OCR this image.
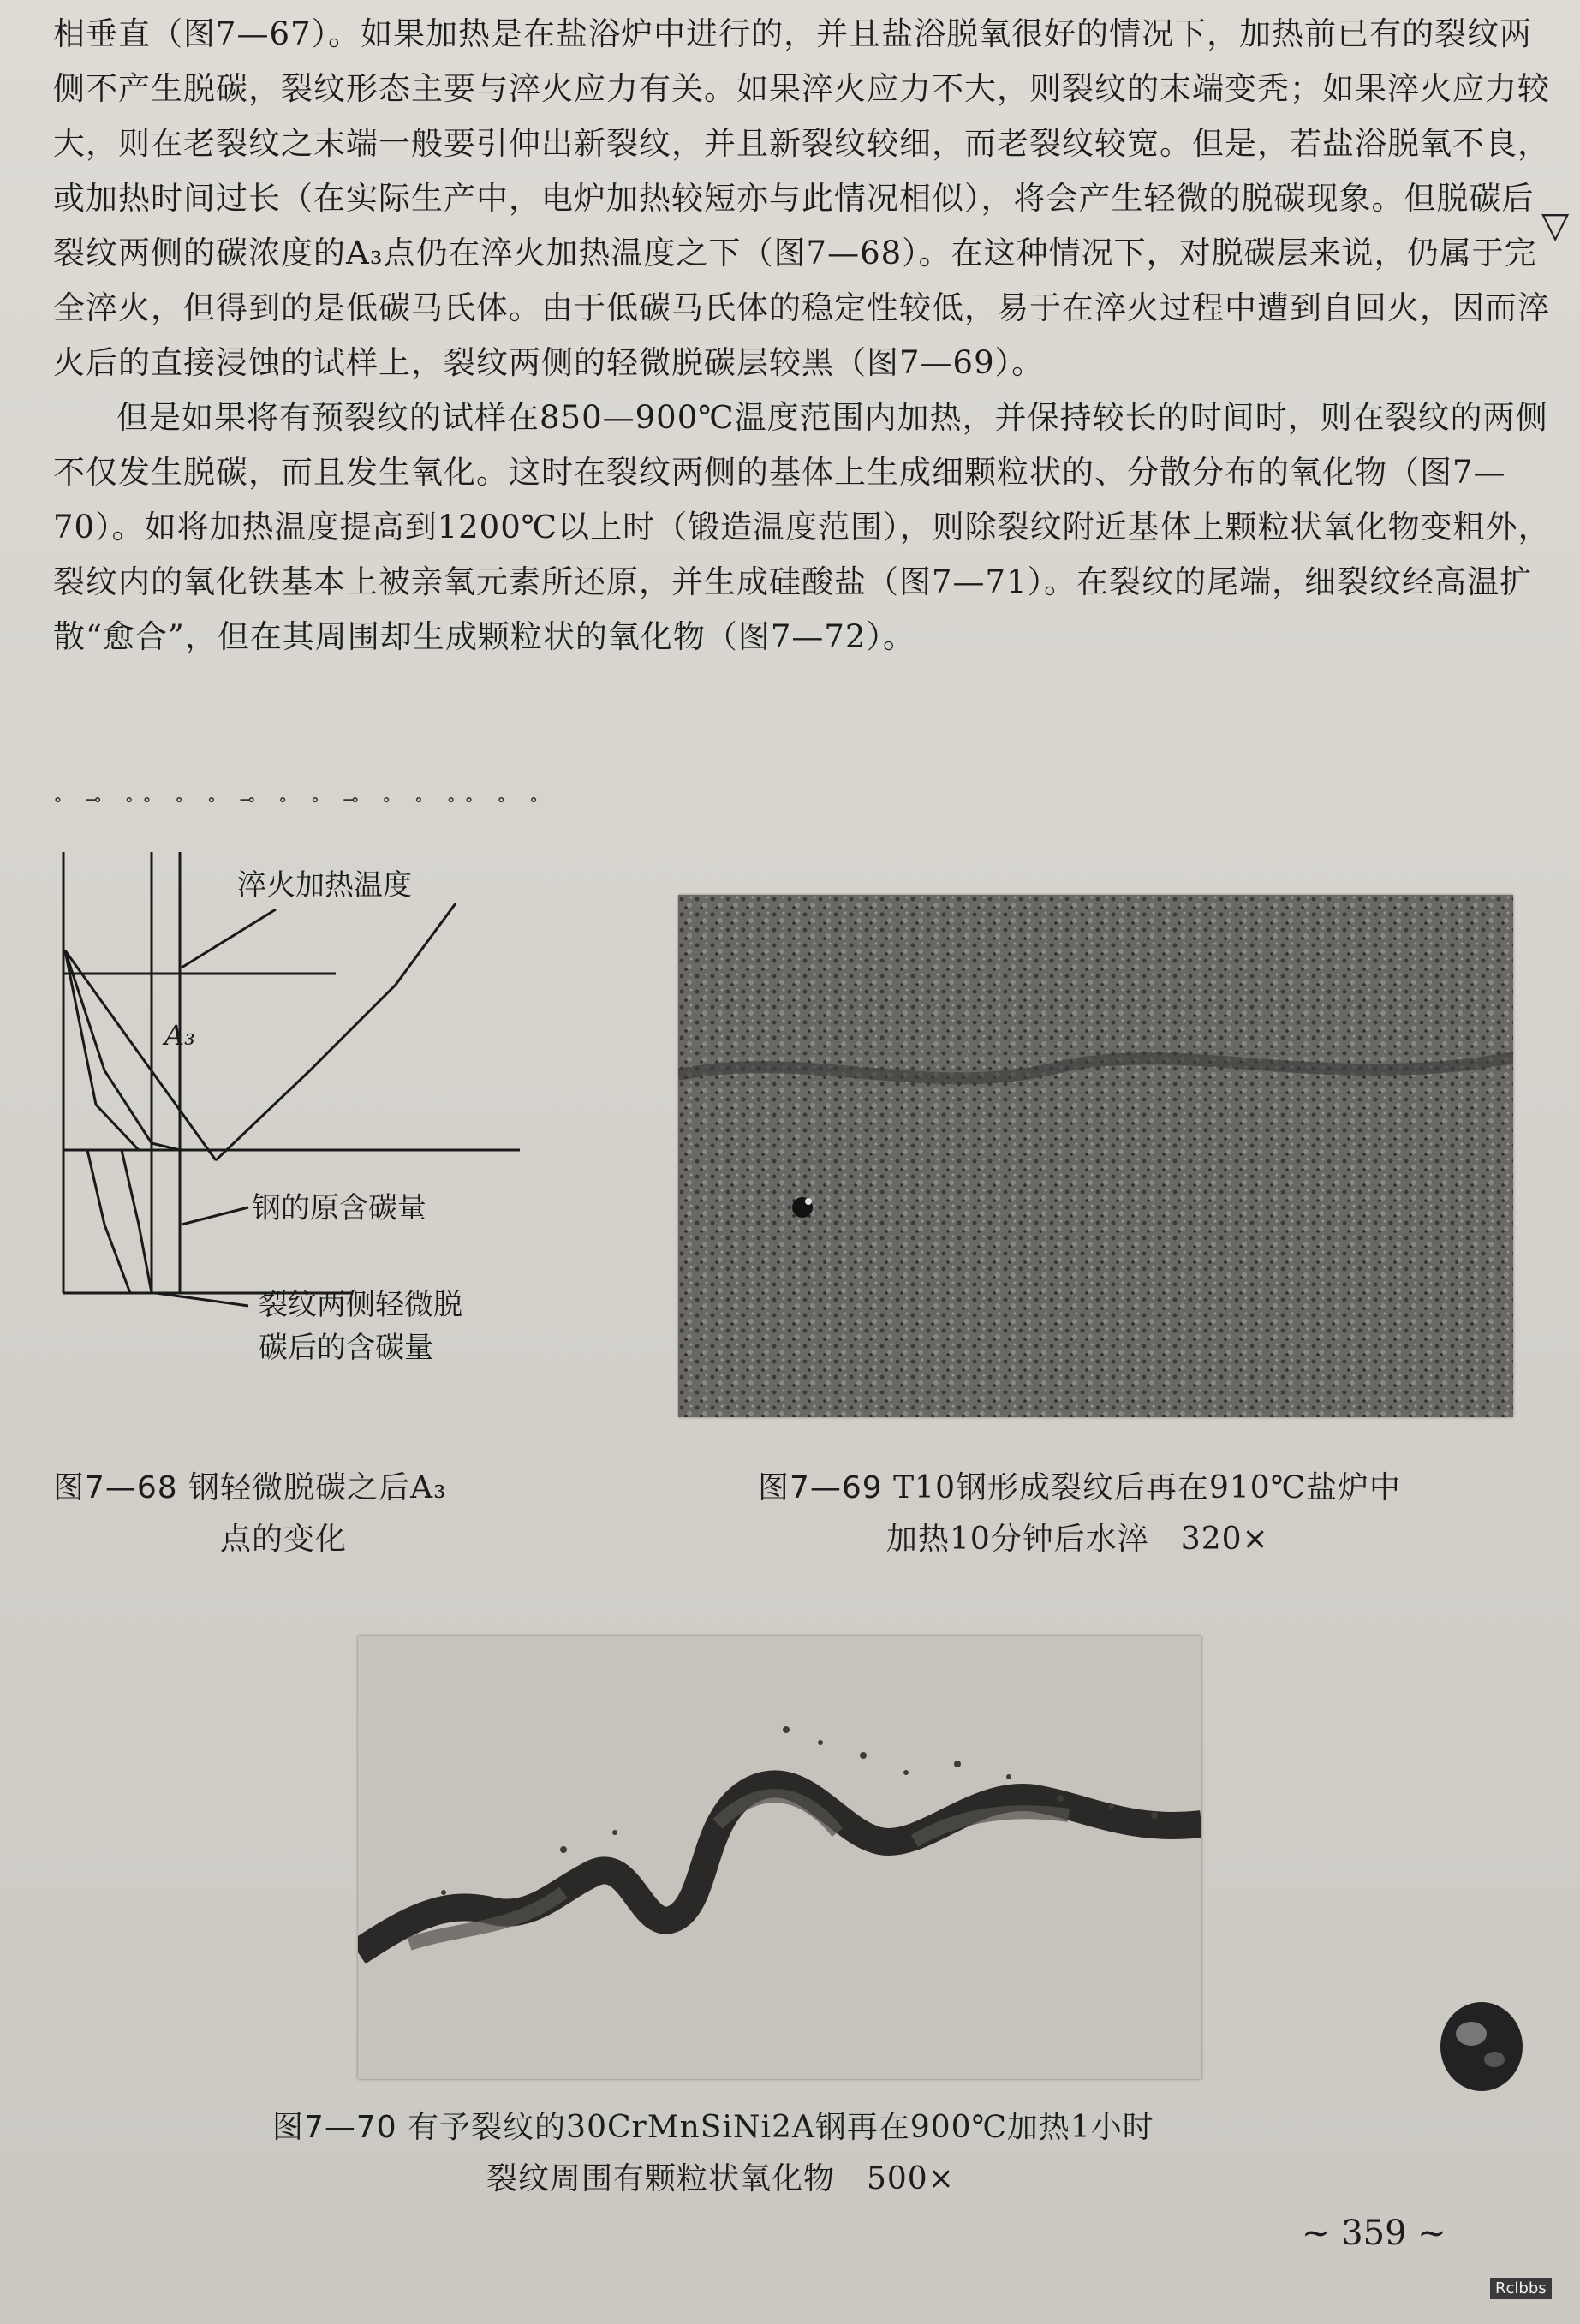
相垂直（图7—67）。如果加热是在盐浴炉中进行的，并且盐浴脱氧很好的情况下，加热前已有的裂纹两侧不产生脱碳，裂纹形态主要与淬火应力有关。如果淬火应力不大，则裂纹的末端变秃；如果淬火应力较大，则在老裂纹之末端一般要引伸出新裂纹，并且新裂纹较细，而老裂纹较宽。但是，若盐浴脱氧不良，或加热时间过长（在实际生产中，电炉加热较短亦与此情况相似），将会产生轻微的脱碳现象。但脱碳后裂纹两侧的碳浓度的A₃点仍在淬火加热温度之下（图7—68）。在这种情况下，对脱碳层来说，仍属于完全淬火，但得到的是低碳马氏体。由于低碳马氏体的稳定性较低，易于在淬火过程中遭到自回火，因而淬火后的直接浸蚀的试样上，裂纹两侧的轻微脱碳层较黑（图7—69）。

但是如果将有预裂纹的试样在850—900℃温度范围内加热，并保持较长的时间时，则在裂纹的两侧不仅发生脱碳，而且发生氧化。这时在裂纹两侧的基体上生成细颗粒状的、分散分布的氧化物（图7—70）。如将加热温度提高到1200℃以上时（锻造温度范围），则除裂纹附近基体上颗粒状氧化物变粗外，裂纹内的氧化铁基本上被亲氧元素所还原，并生成硅酸盐（图7—71）。在裂纹的尾端，细裂纹经高温扩散“愈合”，但在其周围却生成颗粒状的氧化物（图7—72）。

▽
∘ ⊸ ∘∘ ∘ ∘ ⊸ ∘ ∘ ⊸ ∘ ∘ ∘∘ ∘ ∘
淬火加热温度
A₃
钢的原含碳量
裂纹两侧轻微脱
碳后的含碳量
图7—68 钢轻微脱碳之后A₃
点的变化
图7—69 T10钢形成裂纹后再在910℃盐炉中
加热10分钟后水淬　320×
图7—70 有予裂纹的30CrMnSiNi2A钢再在900℃加热1小时
裂纹周围有颗粒状氧化物　500×
~ 359 ~
Rclbbs
